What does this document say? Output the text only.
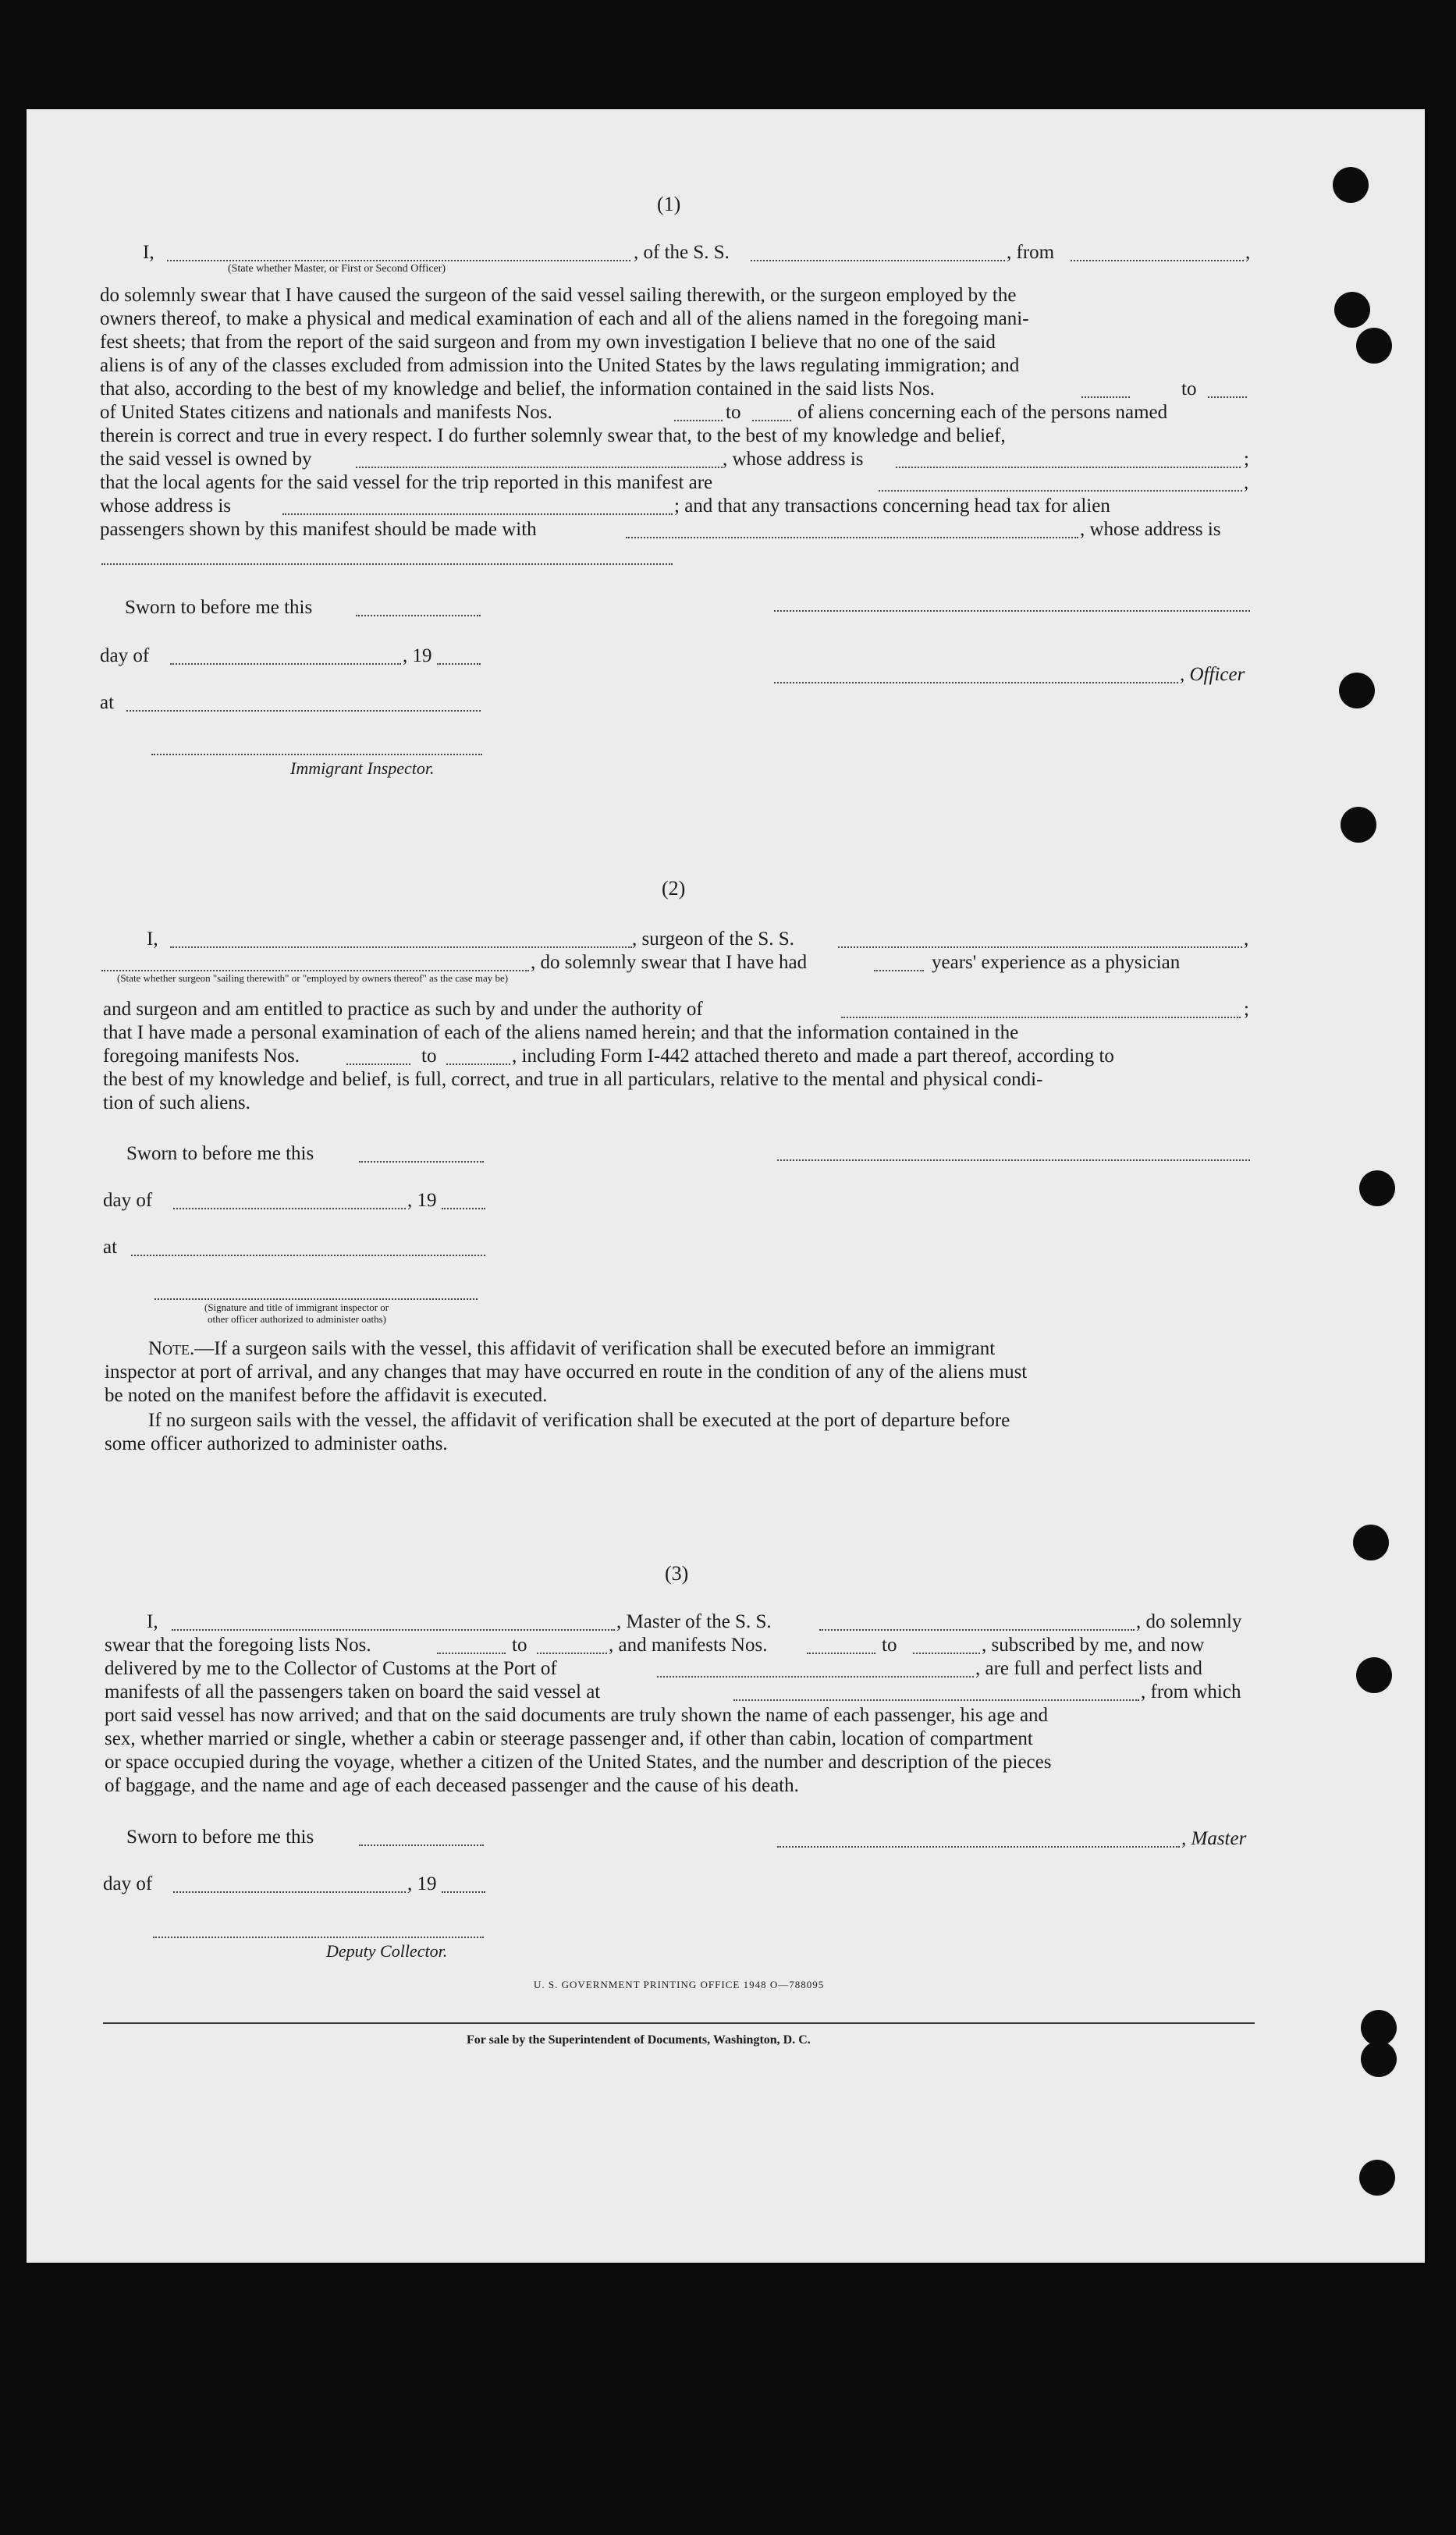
(1)
I,	, of the S. S.	, from	,
(State whether Master, or First or Second Officer)
do solemnly swear that I have caused the surgeon of the said vessel sailing therewith, or the surgeon employed by the
owners thereof, to make a physical and medical examination of each and all of the aliens named in the foregoing mani-
fest sheets; that from the report of the said surgeon and from my own investigation I believe that no one of the said
aliens is of any of the classes excluded from admission into the United States by the laws regulating immigration; and
that also, according to the best of my knowledge and belief, the information contained in the said lists Nos.	to
of United States citizens and nationals and manifests Nos.	to	of aliens concerning each of the persons named
therein is correct and true in every respect. I do further solemnly swear that, to the best of my knowledge and belief,
the said vessel is owned by	, whose address is	;
that the local agents for the said vessel for the trip reported in this manifest are	,
whose address is	; and that any transactions concerning head tax for alien
passengers shown by this manifest should be made with	, whose address is
Sworn to before me this
day of	, 19
, Officer
at
Immigrant Inspector.
(2)
I,	, surgeon of the S. S.	,
, do solemnly swear that I have had	years' experience as a physician
(State whether surgeon "sailing therewith" or "employed by owners thereof" as the case may be)
and surgeon and am entitled to practice as such by and under the authority of	;
that I have made a personal examination of each of the aliens named herein; and that the information contained in the
foregoing manifests Nos.	to	, including Form I-442 attached thereto and made a part thereof, according to
the best of my knowledge and belief, is full, correct, and true in all particulars, relative to the mental and physical condi-
tion of such aliens.
Sworn to before me this
day of	, 19
at
(Signature and title of immigrant inspector or
other officer authorized to administer oaths)
Note.—If a surgeon sails with the vessel, this affidavit of verification shall be executed before an immigrant
inspector at port of arrival, and any changes that may have occurred en route in the condition of any of the aliens must
be noted on the manifest before the affidavit is executed.
If no surgeon sails with the vessel, the affidavit of verification shall be executed at the port of departure before
some officer authorized to administer oaths.
(3)
I,	, Master of the S. S.	, do solemnly
swear that the foregoing lists Nos.	to	, and manifests Nos.	to	, subscribed by me, and now
delivered by me to the Collector of Customs at the Port of	, are full and perfect lists and
manifests of all the passengers taken on board the said vessel at	, from which
port said vessel has now arrived; and that on the said documents are truly shown the name of each passenger, his age and
sex, whether married or single, whether a cabin or steerage passenger and, if other than cabin, location of compartment
or space occupied during the voyage, whether a citizen of the United States, and the number and description of the pieces
of baggage, and the name and age of each deceased passenger and the cause of his death.
Sworn to before me this	, Master
day of	, 19
Deputy Collector.
U. S. GOVERNMENT PRINTING OFFICE 1948 O—788095
For sale by the Superintendent of Documents, Washington, D. C.
